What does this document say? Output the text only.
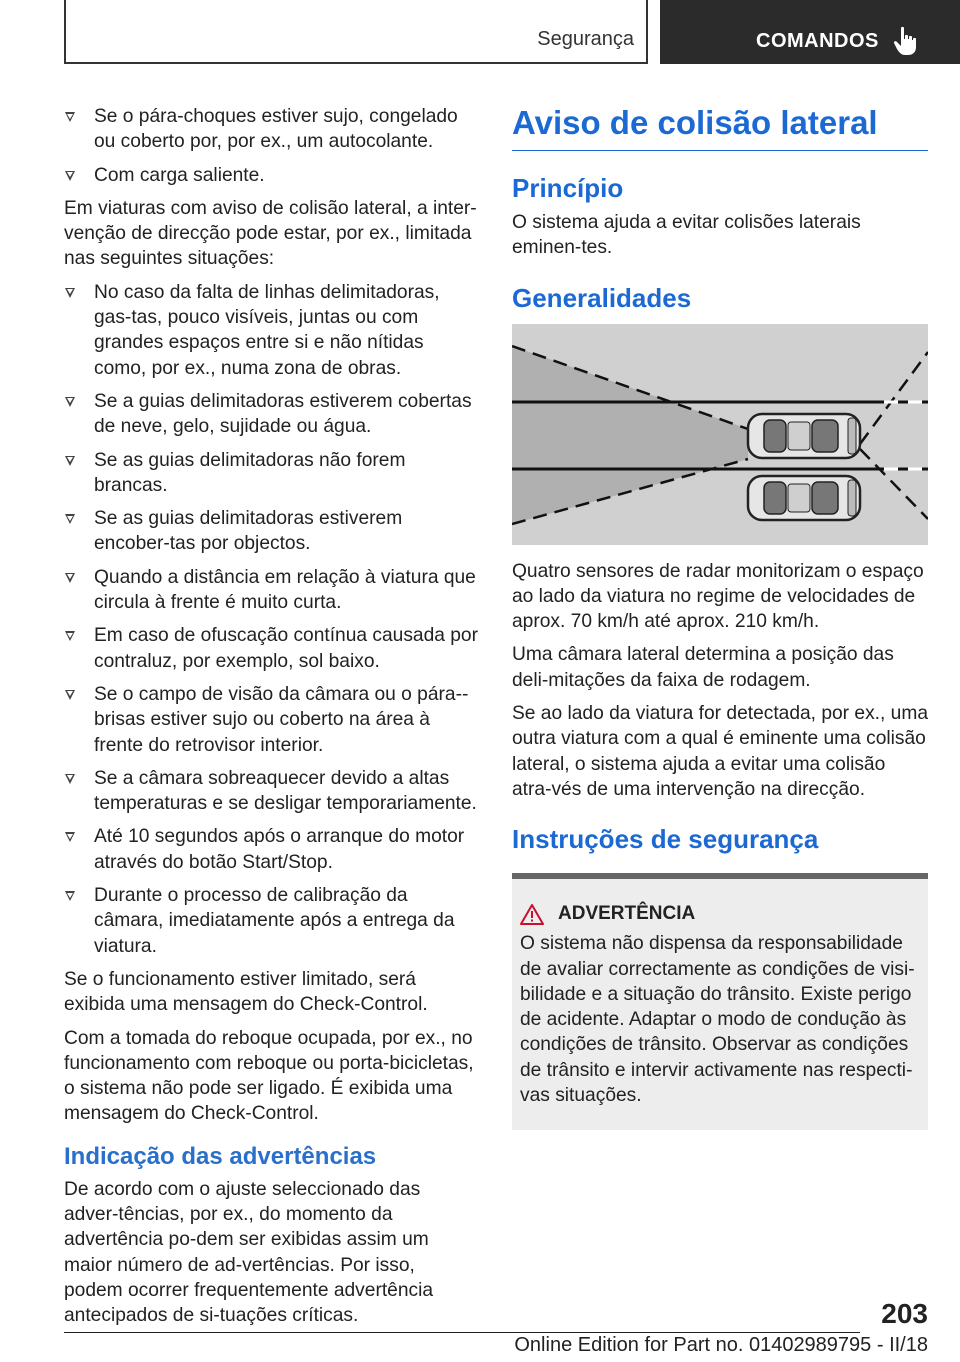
Segurança	COMANDOS
Se o pára-choques estiver sujo, congelado ou coberto por, por ex., um autocolante.
Com carga saliente.

Em viaturas com aviso de colisão lateral, a inter-venção de direcção pode estar, por ex., limitada nas seguintes situações:

No caso da falta de linhas delimitadoras, gas-tas, pouco visíveis, juntas ou com grandes espaços entre si e não nítidas como, por ex., numa zona de obras.
Se a guias delimitadoras estiverem cobertas de neve, gelo, sujidade ou água.
Se as guias delimitadoras não forem brancas.
Se as guias delimitadoras estiverem encober-tas por objectos.
Quando a distância em relação à viatura que circula à frente é muito curta.
Em caso de ofuscação contínua causada por contraluz, por exemplo, sol baixo.
Se o campo de visão da câmara ou o pára--brisas estiver sujo ou coberto na área à frente do retrovisor interior.
Se a câmara sobreaquecer devido a altas temperaturas e se desligar temporariamente.
Até 10 segundos após o arranque do motor através do botão Start/Stop.
Durante o processo de calibração da câmara, imediatamente após a entrega da viatura.

Se o funcionamento estiver limitado, será exibida uma mensagem do Check-Control.

Com a tomada do reboque ocupada, por ex., no funcionamento com reboque ou porta-bicicletas, o sistema não pode ser ligado. É exibida uma mensagem do Check-Control.

Indicação das advertências

De acordo com o ajuste seleccionado das adver-tências, por ex., do momento da advertência po-dem ser exibidas assim um maior número de ad-vertências. Por isso, podem ocorrer frequentemente advertência antecipados de si-tuações críticas.

Aviso de colisão lateral
Princípio

O sistema ajuda a evitar colisões laterais eminen-tes.

Generalidades

Quatro sensores de radar monitorizam o espaço ao lado da viatura no regime de velocidades de aprox. 70 km/h até aprox. 210 km/h.

Uma câmara lateral determina a posição das deli-mitações da faixa de rodagem.

Se ao lado da viatura for detectada, por ex., uma outra viatura com a qual é eminente uma colisão lateral, o sistema ajuda a evitar uma colisão atra-vés de uma intervenção na direcção.

Instruções de segurança
ADVERTÊNCIA

O sistema não dispensa da responsabilidade de avaliar correctamente as condições de visi-bilidade e a situação do trânsito. Existe perigo de acidente. Adaptar o modo de condução às condições de trânsito. Observar as condições de trânsito e intervir activamente nas respecti-vas situações.

203
Online Edition for Part no. 01402989795 - II/18
